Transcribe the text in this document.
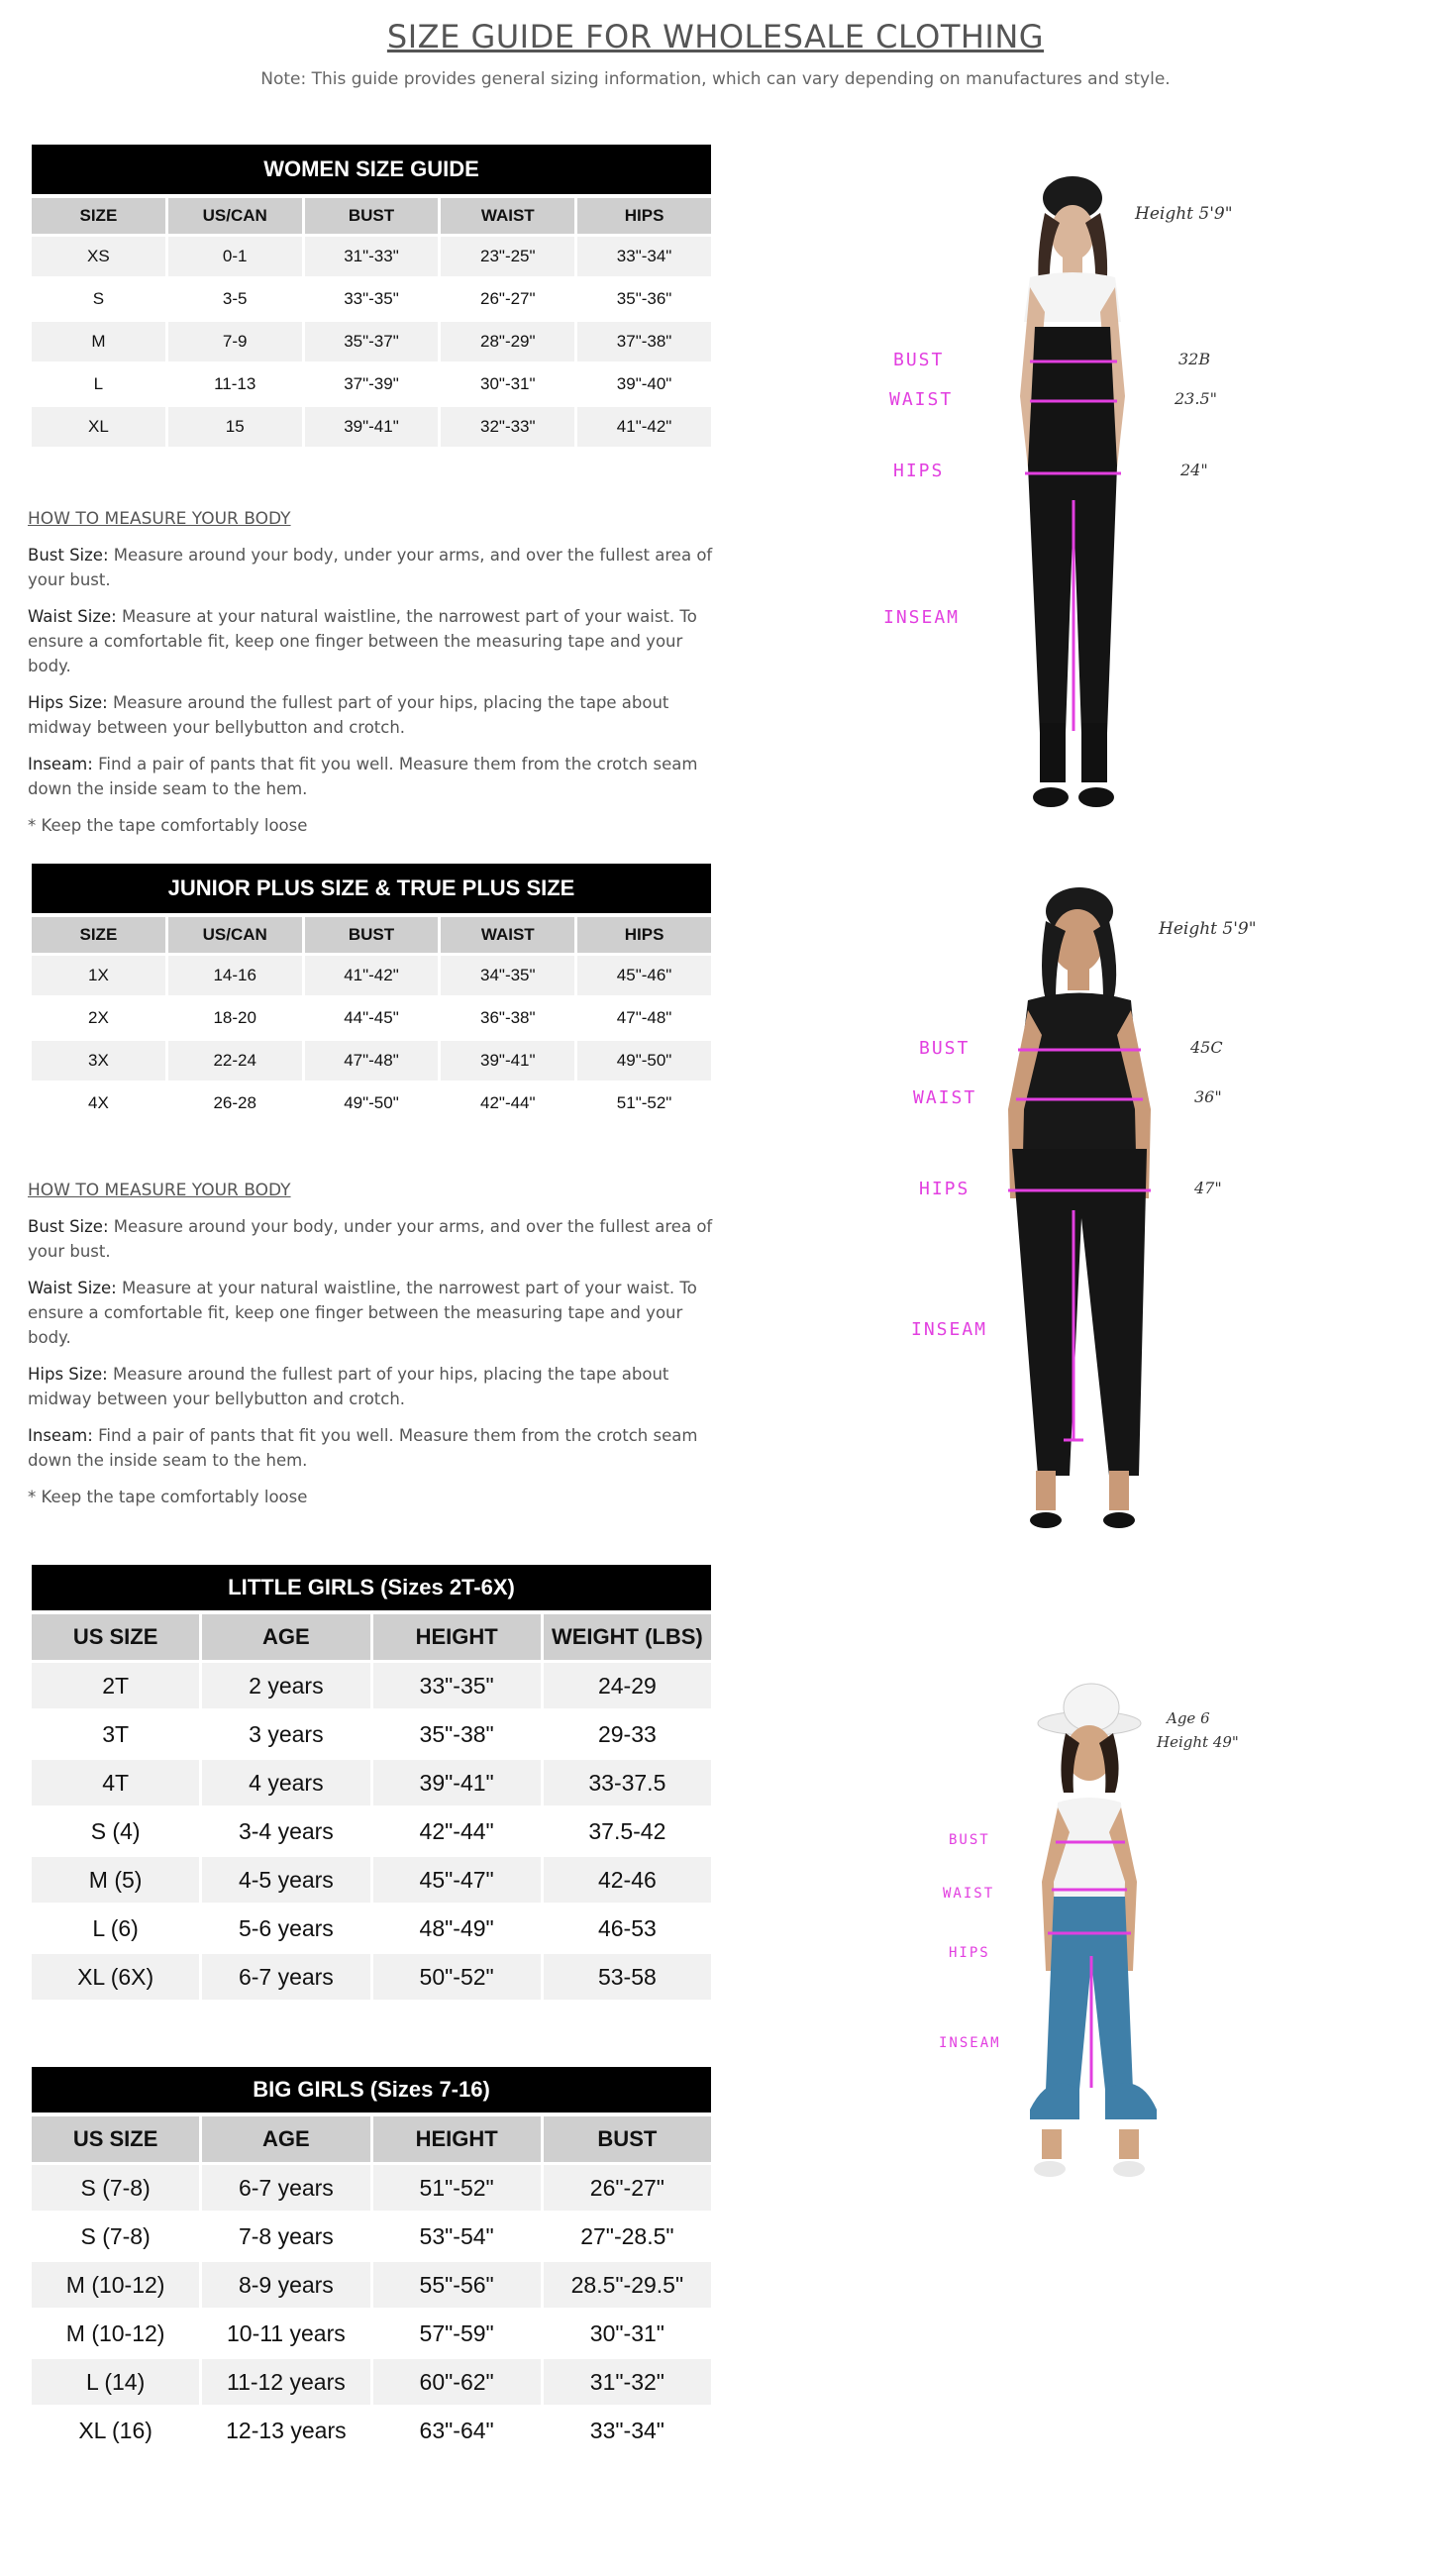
SIZE GUIDE FOR WHOLESALE CLOTHING
Note: This guide provides general sizing information, which can vary depending on manufactures and style.
WOMEN SIZE GUIDE
SIZE	US/CAN	BUST	WAIST	HIPS
XS	0-1	31"-33"	23"-25"	33"-34"
S	3-5	33"-35"	26"-27"	35"-36"
M	7-9	35"-37"	28"-29"	37"-38"
L	11-13	37"-39"	30"-31"	39"-40"
XL	15	39"-41"	32"-33"	41"-42"
HOW TO MEASURE YOUR BODY

Bust Size: Measure around your body, under your arms, and over the fullest area of your bust.

Waist Size: Measure at your natural waistline, the narrowest part of your waist. To ensure a comfortable fit, keep one finger between the measuring tape and your body.

Hips Size: Measure around the fullest part of your hips, placing the tape about midway between your bellybutton and crotch.

Inseam: Find a pair of pants that fit you well. Measure them from the crotch seam down the inside seam to the hem.

* Keep the tape comfortably loose

JUNIOR PLUS SIZE & TRUE PLUS SIZE
SIZE	US/CAN	BUST	WAIST	HIPS
1X	14-16	41"-42"	34"-35"	45"-46"
2X	18-20	44"-45"	36"-38"	47"-48"
3X	22-24	47"-48"	39"-41"	49"-50"
4X	26-28	49"-50"	42"-44"	51"-52"
HOW TO MEASURE YOUR BODY

Bust Size: Measure around your body, under your arms, and over the fullest area of your bust.

Waist Size: Measure at your natural waistline, the narrowest part of your waist. To ensure a comfortable fit, keep one finger between the measuring tape and your body.

Hips Size: Measure around the fullest part of your hips, placing the tape about midway between your bellybutton and crotch.

Inseam: Find a pair of pants that fit you well. Measure them from the crotch seam down the inside seam to the hem.

* Keep the tape comfortably loose

LITTLE GIRLS (Sizes 2T-6X)
US SIZE	AGE	HEIGHT	WEIGHT (LBS)
2T	2 years	33"-35"	24-29
3T	3 years	35"-38"	29-33
4T	4 years	39"-41"	33-37.5
S (4)	3-4 years	42"-44"	37.5-42
M (5)	4-5 years	45"-47"	42-46
L (6)	5-6 years	48"-49"	46-53
XL (6X)	6-7 years	50"-52"	53-58
BIG GIRLS (Sizes 7-16)
US SIZE	AGE	HEIGHT	BUST
S (7-8)	6-7 years	51"-52"	26"-27"
S (7-8)	7-8 years	53"-54"	27"-28.5"
M (10-12)	8-9 years	55"-56"	28.5"-29.5"
M (10-12)	10-11 years	57"-59"	30"-31"
L (14)	11-12 years	60"-62"	31"-32"
XL (16)	12-13 years	63"-64"	33"-34"
Height 5'9"
BUST	32B
WAIST	23.5"
HIPS	24"
INSEAM
Height 5'9"
BUST	45C
WAIST	36"
HIPS	47"
INSEAM
Age 6
Height 49"
BUST
WAIST
HIPS
INSEAM
